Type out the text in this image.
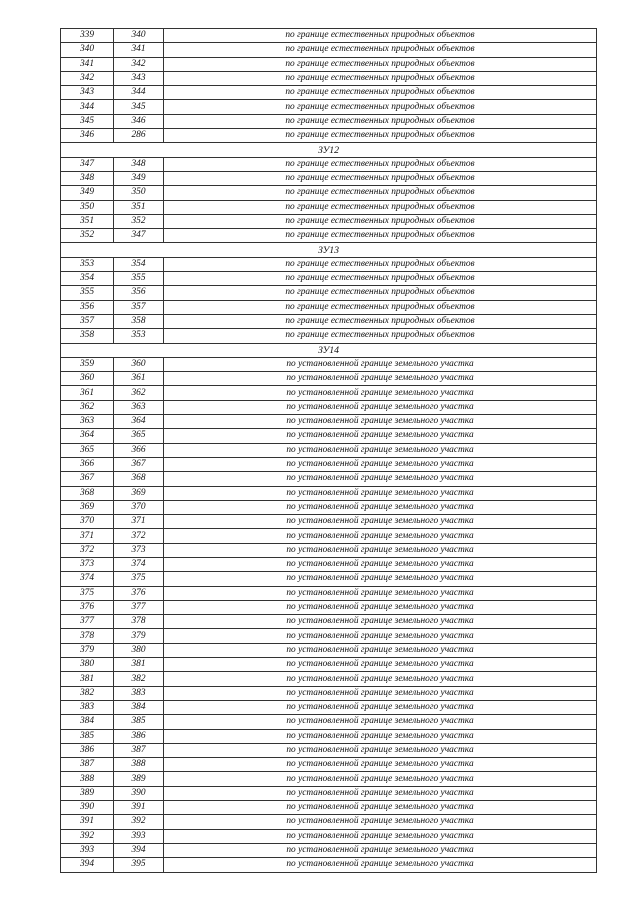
339	340	по границе естественных природных объектов
340	341	по границе естественных природных объектов
341	342	по границе естественных природных объектов
342	343	по границе естественных природных объектов
343	344	по границе естественных природных объектов
344	345	по границе естественных природных объектов
345	346	по границе естественных природных объектов
346	286	по границе естественных природных объектов
ЗУ12		
347	348	по границе естественных природных объектов
348	349	по границе естественных природных объектов
349	350	по границе естественных природных объектов
350	351	по границе естественных природных объектов
351	352	по границе естественных природных объектов
352	347	по границе естественных природных объектов
ЗУ13		
353	354	по границе естественных природных объектов
354	355	по границе естественных природных объектов
355	356	по границе естественных природных объектов
356	357	по границе естественных природных объектов
357	358	по границе естественных природных объектов
358	353	по границе естественных природных объектов
ЗУ14		
359	360	по установленной границе земельного участка
360	361	по установленной границе земельного участка
361	362	по установленной границе земельного участка
362	363	по установленной границе земельного участка
363	364	по установленной границе земельного участка
364	365	по установленной границе земельного участка
365	366	по установленной границе земельного участка
366	367	по установленной границе земельного участка
367	368	по установленной границе земельного участка
368	369	по установленной границе земельного участка
369	370	по установленной границе земельного участка
370	371	по установленной границе земельного участка
371	372	по установленной границе земельного участка
372	373	по установленной границе земельного участка
373	374	по установленной границе земельного участка
374	375	по установленной границе земельного участка
375	376	по установленной границе земельного участка
376	377	по установленной границе земельного участка
377	378	по установленной границе земельного участка
378	379	по установленной границе земельного участка
379	380	по установленной границе земельного участка
380	381	по установленной границе земельного участка
381	382	по установленной границе земельного участка
382	383	по установленной границе земельного участка
383	384	по установленной границе земельного участка
384	385	по установленной границе земельного участка
385	386	по установленной границе земельного участка
386	387	по установленной границе земельного участка
387	388	по установленной границе земельного участка
388	389	по установленной границе земельного участка
389	390	по установленной границе земельного участка
390	391	по установленной границе земельного участка
391	392	по установленной границе земельного участка
392	393	по установленной границе земельного участка
393	394	по установленной границе земельного участка
394	395	по установленной границе земельного участка
